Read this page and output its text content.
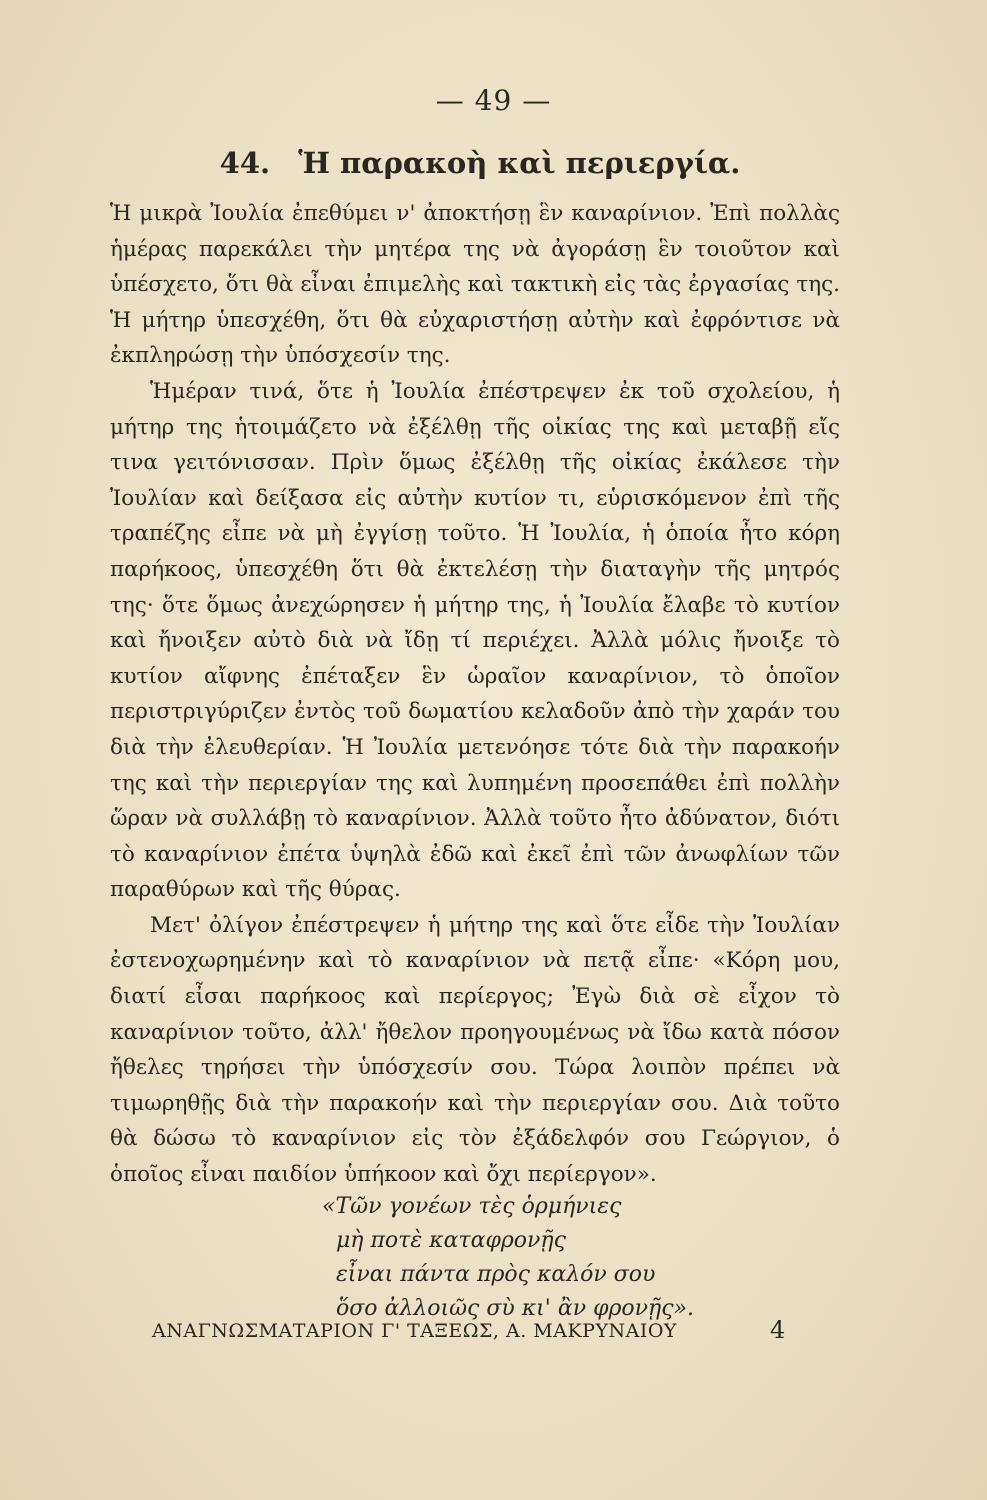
— 49 —
44. Ἡ παρακοὴ καὶ περιεργία.

Ἡ μικρὰ Ἰουλία ἐπεθύμει ν' ἀποκτήσῃ ἓν καναρίνιον. Ἐπὶ πολλὰς ἡμέρας παρεκάλει τὴν μητέρα της νὰ ἀγοράσῃ ἓν τοιοῦτον καὶ ὑπέσχετο, ὅτι θὰ εἶναι ἐπιμελὴς καὶ τακτικὴ εἰς τὰς ἐργασίας της. Ἡ μήτηρ ὑπεσχέθη, ὅτι θὰ εὐχαριστήσῃ αὐτὴν καὶ ἐφρόντισε νὰ ἐκπληρώσῃ τὴν ὑπόσχεσίν της.

Ἡμέραν τινά, ὅτε ἡ Ἰουλία ἐπέστρεψεν ἐκ τοῦ σχολείου, ἡ μήτηρ της ἡτοιμάζετο νὰ ἐξέλθῃ τῆς οἰκίας της καὶ μεταβῇ εἴς τινα γειτόνισσαν. Πρὶν ὅμως ἐξέλθῃ τῆς οἰκίας ἐκάλεσε τὴν Ἰουλίαν καὶ δείξασα εἰς αὐτὴν κυτίον τι, εὑρισκόμενον ἐπὶ τῆς τραπέζης εἶπε νὰ μὴ ἐγγίσῃ τοῦτο. Ἡ Ἰουλία, ἡ ὁποία ἦτο κόρη παρήκοος, ὑπεσχέθη ὅτι θὰ ἐκτελέσῃ τὴν διαταγὴν τῆς μητρός της· ὅτε ὅμως ἀνεχώρησεν ἡ μήτηρ της, ἡ Ἰουλία ἔλαβε τὸ κυτίον καὶ ἤνοιξεν αὐτὸ διὰ νὰ ἴδῃ τί περιέχει. Ἀλλὰ μόλις ἤνοιξε τὸ κυτίον αἴφνης ἐπέταξεν ἓν ὡραῖον καναρίνιον, τὸ ὁποῖον περιστριγύριζεν ἐντὸς τοῦ δωματίου κελαδοῦν ἀπὸ τὴν χαράν του διὰ τὴν ἐλευθερίαν. Ἡ Ἰουλία μετενόησε τότε διὰ τὴν παρακοήν της καὶ τὴν περιεργίαν της καὶ λυπημένη προσεπάθει ἐπὶ πολλὴν ὥραν νὰ συλλάβῃ τὸ καναρίνιον. Ἀλλὰ τοῦτο ἦτο ἀδύνατον, διότι τὸ καναρίνιον ἐπέτα ὑψηλὰ ἐδῶ καὶ ἐκεῖ ἐπὶ τῶν ἀνωφλίων τῶν παραθύρων καὶ τῆς θύρας.

Μετ' ὀλίγον ἐπέστρεψεν ἡ μήτηρ της καὶ ὅτε εἶδε τὴν Ἰουλίαν ἐστενοχωρημένην καὶ τὸ καναρίνιον νὰ πετᾷ εἶπε· «Κόρη μου, διατί εἶσαι παρήκοος καὶ περίεργος; Ἐγὼ διὰ σὲ εἶχον τὸ καναρίνιον τοῦτο, ἀλλ' ἤθελον προηγουμένως νὰ ἴδω κατὰ πόσον ἤθελες τηρήσει τὴν ὑπόσχεσίν σου. Τώρα λοιπὸν πρέπει νὰ τιμωρηθῇς διὰ τὴν παρακοήν καὶ τὴν περιεργίαν σου. Διὰ τοῦτο θὰ δώσω τὸ καναρίνιον εἰς τὸν ἐξάδελφόν σου Γεώργιον, ὁ ὁποῖος εἶναι παιδίον ὑπήκοον καὶ ὄχι περίεργον».

«Τῶν γονέων τὲς ὁρμήνιες
μὴ ποτὲ καταφρονῇς
εἶναι πάντα πρὸς καλόν σου
ὅσο ἀλλοιῶς σὺ κι' ἂν φρονῇς».
ΑΝΑΓΝΩΣΜΑΤΑΡΙΟΝ Γ' ΤΑΞΕΩΣ, Α. ΜΑΚΡΥΝΑΙΟΥ	4
